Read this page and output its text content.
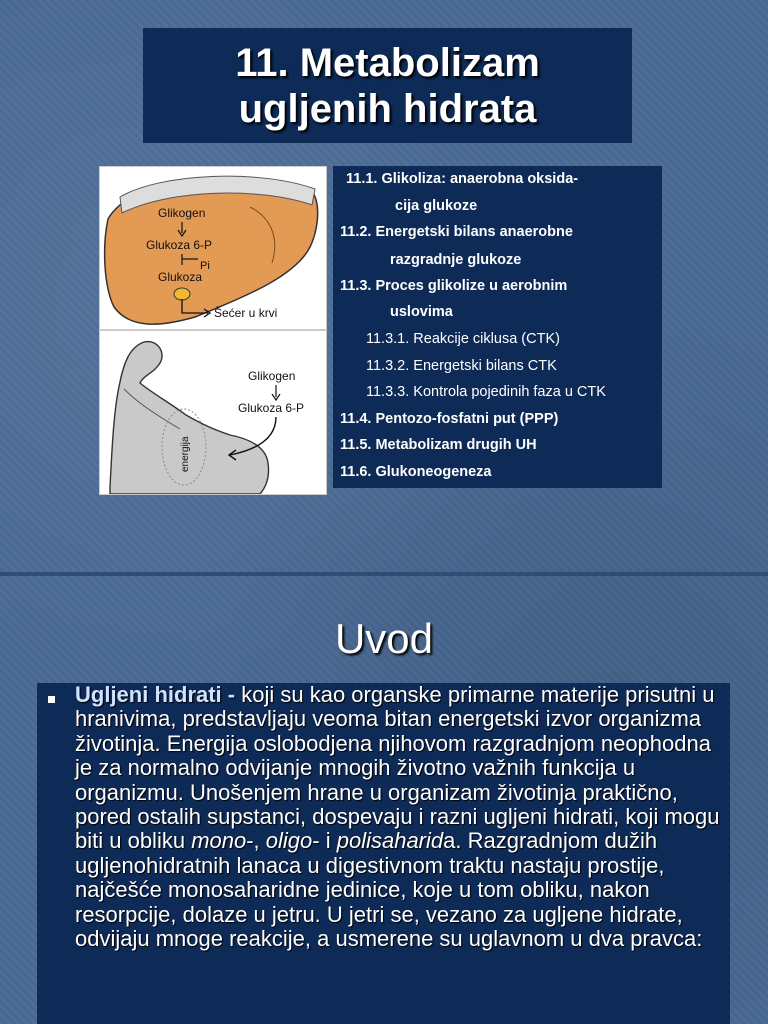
11. Metabolizam
ugljenih hidrata
Glikogen
Glukoza 6-P
Pi
Glukoza
Šećer u krvi
energija
Glikogen
Glukoza 6-P
11.1. Glikoliza: anaerobna oksida-
cija glukoze
11.2. Energetski bilans anaerobne
razgradnje glukoze
11.3. Proces glikolize u aerobnim
uslovima
11.3.1. Reakcije ciklusa (CTK)
11.3.2. Energetski bilans CTK
11.3.3. Kontrola pojedinih faza u CTK
11.4. Pentozo-fosfatni put (PPP)
11.5. Metabolizam drugih UH
11.6. Glukoneogeneza
Uvod
Ugljeni hidrati - koji su kao organske primarne materije prisutni u hranivima, predstavljaju veoma bitan energetski izvor organizma životinja. Energija oslobodjena njihovom razgradnjom neophodna je za normalno odvijanje mnogih životno važnih funkcija u organizmu. Unošenjem hrane u organizam životinja praktično, pored ostalih supstanci, dospevaju i razni ugljeni hidrati, koji mogu biti u obliku mono-, oligo- i polisaharida. Razgradnjom dužih ugljenohidratnih lanaca u digestivnom traktu nastaju prostije, najčešće monosaharidne jedinice, koje u tom obliku, nakon resorpcije, dolaze u jetru. U jetri se, vezano za ugljene hidrate, odvijaju mnoge reakcije, a usmerene su uglavnom u dva pravca:
